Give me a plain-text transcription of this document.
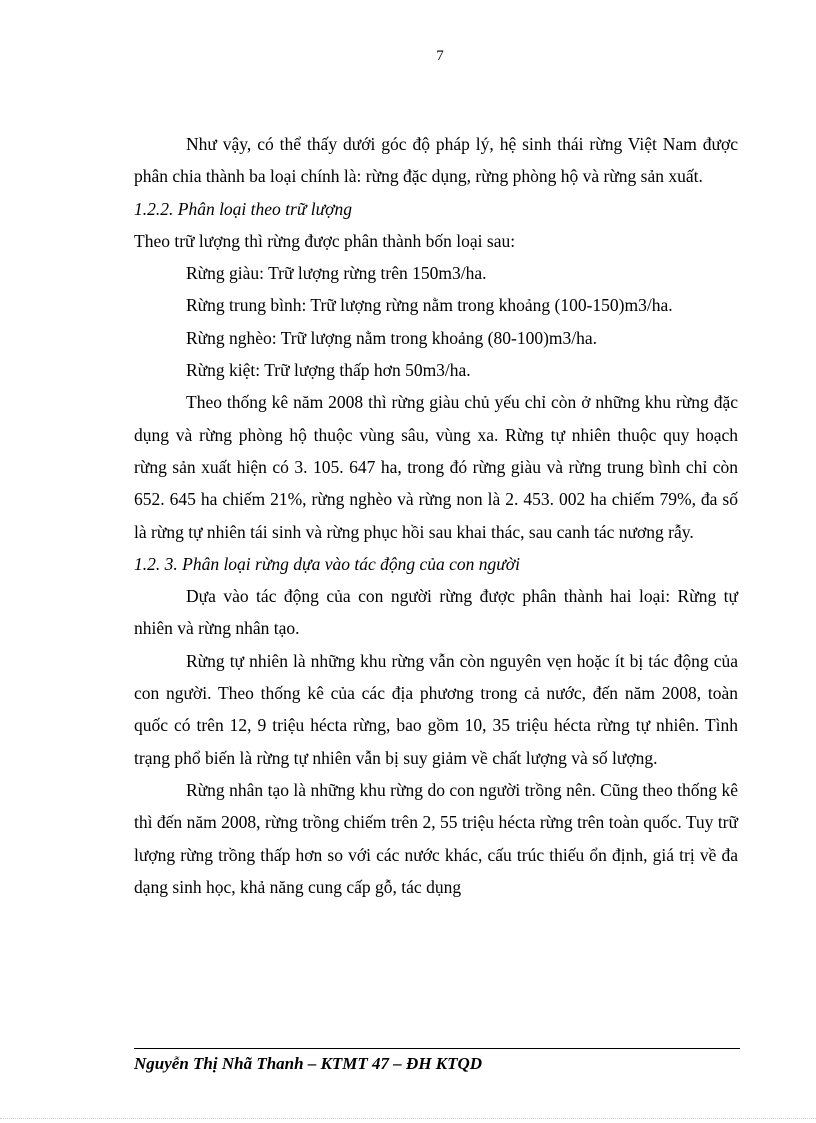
7

Như vậy, có thể thấy dưới góc độ pháp lý, hệ sinh thái rừng Việt Nam được phân chia thành ba loại chính là: rừng đặc dụng, rừng phòng hộ và rừng sản xuất.

1.2.2. Phân loại theo trữ lượng

Theo trữ lượng thì rừng được phân thành bốn loại sau:

Rừng giàu: Trữ lượng rừng trên 150m3/ha.

Rừng trung bình: Trữ lượng rừng nằm trong khoảng (100-150)m3/ha.

Rừng nghèo: Trữ lượng nằm trong khoảng (80-100)m3/ha.

Rừng kiệt: Trữ lượng thấp hơn 50m3/ha.

Theo thống kê năm 2008 thì rừng giàu chủ yếu chỉ còn ở những khu rừng đặc dụng và rừng phòng hộ thuộc vùng sâu, vùng xa. Rừng tự nhiên thuộc quy hoạch rừng sản xuất hiện có 3. 105. 647 ha, trong đó rừng giàu và rừng trung bình chỉ còn 652. 645 ha chiếm 21%, rừng nghèo và rừng non là 2. 453. 002 ha chiếm 79%, đa số là rừng tự nhiên tái sinh và rừng phục hồi sau khai thác, sau canh tác nương rẫy.

1.2. 3. Phân loại rừng dựa vào tác động của con người

Dựa vào tác động của con người rừng được phân thành hai loại: Rừng tự nhiên và rừng nhân tạo.

Rừng tự nhiên là những khu rừng vẫn còn nguyên vẹn hoặc ít bị tác động của con người. Theo thống kê của các địa phương trong cả nước, đến năm 2008, toàn quốc có trên 12, 9 triệu hécta rừng, bao gồm 10, 35 triệu hécta rừng tự nhiên. Tình trạng phổ biến là rừng tự nhiên vẫn bị suy giảm về chất lượng và số lượng.

Rừng nhân tạo là những khu rừng do con người trồng nên. Cũng theo thống kê thì đến năm 2008, rừng trồng chiếm trên 2, 55 triệu hécta rừng trên toàn quốc. Tuy trữ lượng rừng trồng thấp hơn so với các nước khác, cấu trúc thiếu ổn định, giá trị về đa dạng sinh học, khả năng cung cấp gỗ, tác dụng

Nguyễn Thị Nhã Thanh – KTMT 47 – ĐH KTQD
